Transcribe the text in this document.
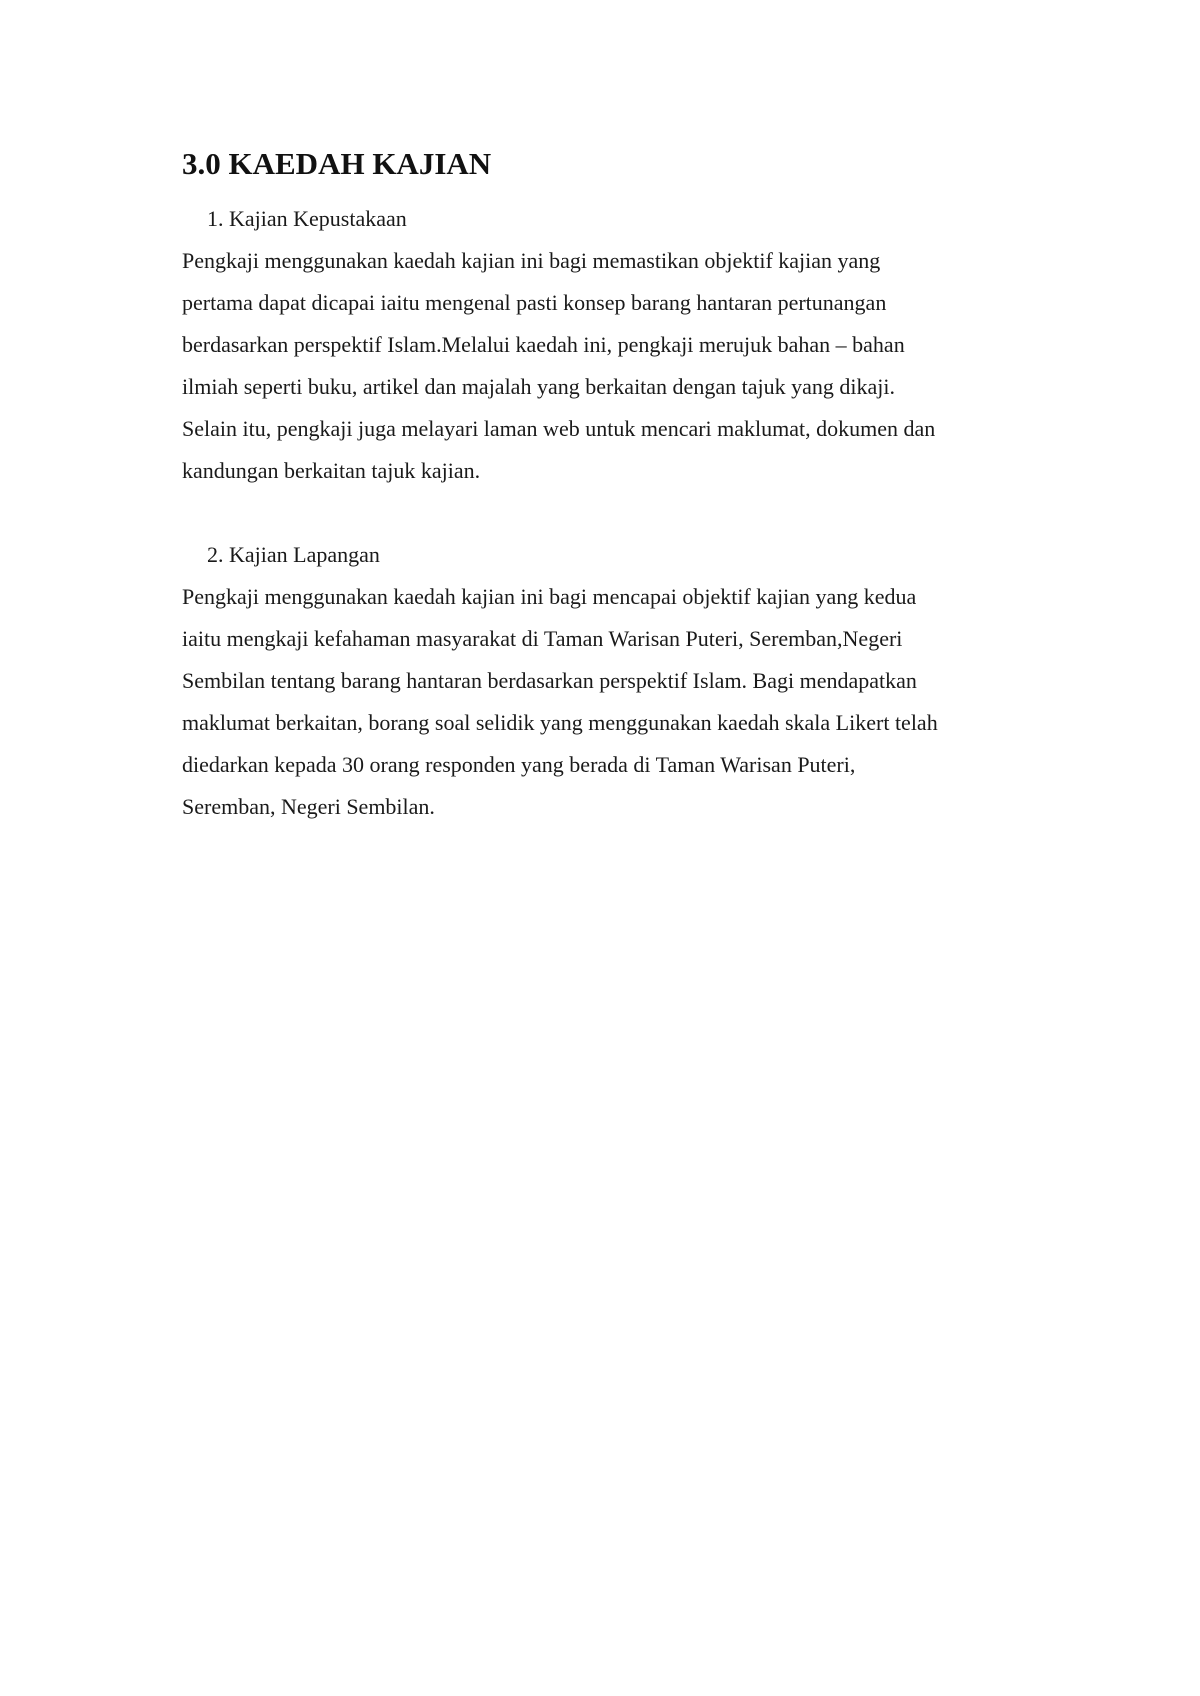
3.0 KAEDAH KAJIAN
1. Kajian Kepustakaan
Pengkaji menggunakan kaedah kajian ini bagi memastikan objektif kajian yang
pertama dapat dicapai iaitu mengenal pasti konsep barang hantaran pertunangan
berdasarkan perspektif Islam.Melalui kaedah ini, pengkaji merujuk bahan – bahan
ilmiah seperti buku, artikel dan majalah yang berkaitan dengan tajuk yang dikaji.
Selain itu, pengkaji juga melayari laman web untuk mencari maklumat, dokumen dan
kandungan berkaitan tajuk kajian.
2. Kajian Lapangan
Pengkaji menggunakan kaedah kajian ini bagi mencapai objektif kajian yang kedua
iaitu mengkaji kefahaman masyarakat di Taman Warisan Puteri, Seremban,Negeri
Sembilan tentang barang hantaran berdasarkan perspektif Islam. Bagi mendapatkan
maklumat berkaitan, borang soal selidik yang menggunakan kaedah skala Likert telah
diedarkan kepada 30 orang responden yang berada di Taman Warisan Puteri,
Seremban, Negeri Sembilan.
